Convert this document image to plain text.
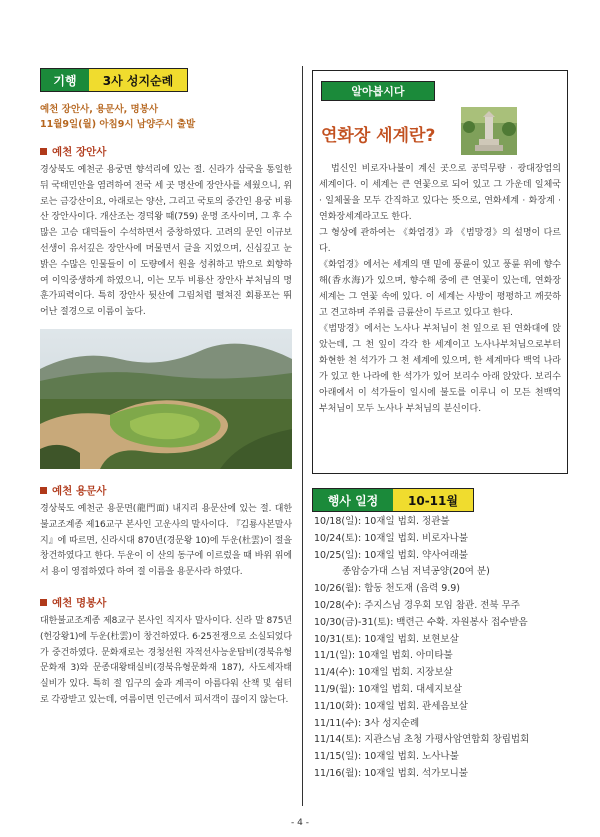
기행	3사 성지순례
예천 장안사, 용문사, 명봉사
11월9일(월) 아침9시 남양주시 출발
예천 장안사
경상북도 예천군 용궁면 향석리에 있는 절. 신라가 삼국을 통일한 뒤 국태민안을 염려하여 전국 세 곳 명산에 장안사를 세웠으니, 위로는 금강산이요, 아래로는 양산, 그리고 국토의 중간인 용궁 비룡산 장안사이다. 개산조는 경덕왕 때(759) 운명 조사이며, 그 후 수많은 고승 대덕들이 수석하면서 중창하였다. 고려의 문인 이규보 선생이 유서깊은 장안사에 머물면서 글을 지었으며, 신심깊고 눈 밝은 수많은 인물들이 이 도량에서 원을 성취하고 밖으로 회향하여 이익중생하게 하였으니, 이는 모두 비룡산 장안사 부처님의 명훈가피력이다. 특히 장안사 뒷산에 그림처럼 펼쳐진 회룡포는 뛰어난 절경으로 이름이 높다.
예천 용문사
경상북도 예천군 용문면(龍門面) 내지리 용문산에 있는 절. 대한불교조계종 제16교구 본사인 고운사의 말사이다. 『김룡사본말사지』에 따르면, 신라시대 870년(경문왕 10)에 두운(杜雲)이 절을 창건하였다고 한다. 두운이 이 산의 동구에 이르렀을 때 바위 위에서 용이 영접하였다 하여 절 이름을 용문사라 하였다.
예천 명봉사
대한불교조계종 제8교구 본사인 직지사 말사이다. 신라 말 875년(헌강왕1)에 두운(杜雲)이 창건하였다. 6·25전쟁으로 소실되었다가 중건하였다. 문화재로는 경청선원 자적선사능운탑비(경북유형문화재 3)와 문종대왕태실비(경북유형문화재 187), 사도세자태실비가 있다. 특히 절 입구의 숲과 계곡이 아름다워 산책 및 쉼터로 각광받고 있는데, 여름이면 인근에서 피서객이 끊이지 않는다.
알아봅시다
연화장 세계란?

법신인 비로자나불이 계신 곳으로 공덕무량 · 광대장엄의 세계이다. 이 세계는 큰 연꽃으로 되어 있고 그 가운데 일체국 · 일체물을 모두 간직하고 있다는 뜻으로, 연화세계 · 화장계 · 연화장세계라고도 한다.

그 형상에 관하여는 《화엄경》과 《범망경》의 설명이 다르다.

《화엄경》에서는 세계의 맨 밑에 풍륜이 있고 풍륜 위에 향수해(香水海)가 있으며, 향수해 중에 큰 연꽃이 있는데, 연화장세계는 그 연꽃 속에 있다. 이 세계는 사방이 평평하고 깨끗하고 견고하며 주위를 금륜산이 두르고 있다고 한다.

《범망경》에서는 노사나 부처님이 천 잎으로 된 연화대에 앉았는데, 그 천 잎이 각각 한 세계이고 노사나부처님으로부터 화현한 천 석가가 그 천 세계에 있으며, 한 세계마다 백억 나라가 있고 한 나라에 한 석가가 있어 보리수 아래 앉았다. 보리수 아래에서 이 석가들이 일시에 불도를 이루니 이 모든 천백억 부처님이 모두 노사나 부처님의 분신이다.

행사 일정	10-11월
10/18(일): 10재일 법회. 정관불
10/24(토): 10재일 법회. 비로자나불
10/25(일): 10재일 법회. 약사여래불
종암승가대 스님 저녁공양(20여 분)
10/26(월): 합동 천도재 (음력 9.9)
10/28(수): 주지스님 경우회 모임 참관. 전북 무주
10/30(금)-31(토): 백련근 수확. 자원봉사 접수받음
10/31(토): 10재일 법회. 보현보살
11/1(일): 10재일 법회. 아미타불
11/4(수): 10재일 법회. 지장보살
11/9(월): 10재일 법회. 대세지보살
11/10(화): 10재일 법회. 관세음보살
11/11(수): 3사 성지순례
11/14(토): 지관스님 초청 가평사암연합회 창립법회
11/15(일): 10재일 법회. 노사나불
11/16(월): 10재일 법회. 석가모니불
- 4 -
